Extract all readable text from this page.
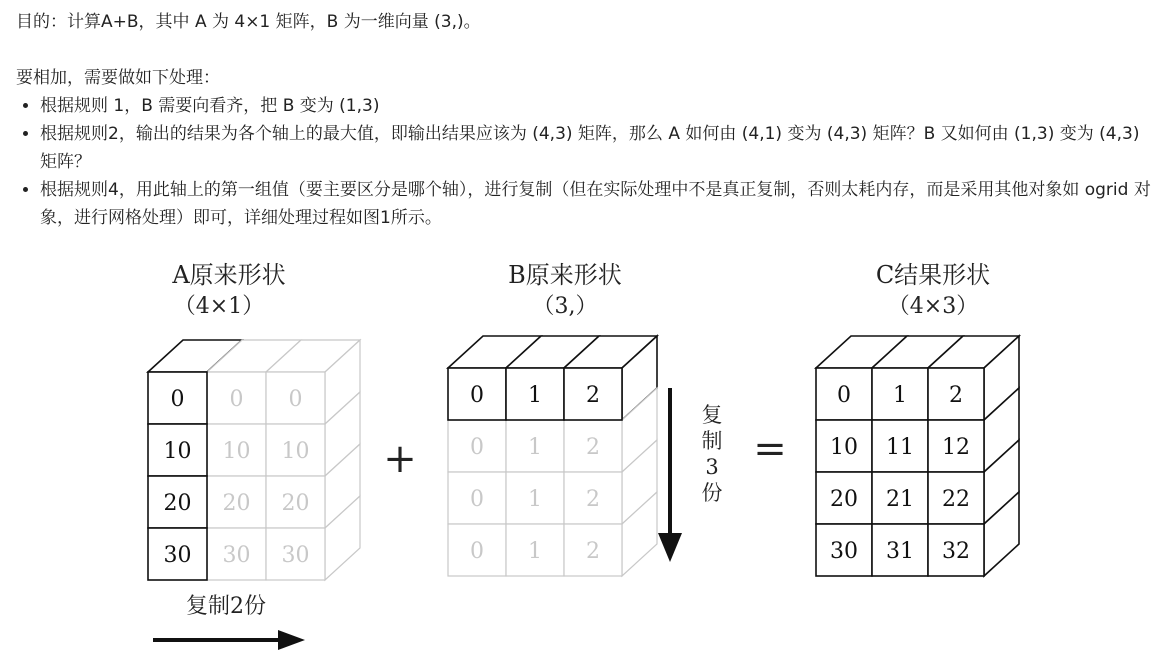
目的：计算A+B，其中 A 为 4×1 矩阵，B 为一维向量 (3,)。

要相加，需要做如下处理：

• 根据规则 1，B 需要向看齐，把 B 变为 (1,3)
• 根据规则2，输出的结果为各个轴上的最大值，即输出结果应该为 (4,3) 矩阵，那么 A 如何由 (4,1) 变为 (4,3) 矩阵？B 又如何由 (1,3) 变为 (4,3) 矩阵？
• 根据规则4，用此轴上的第一组值（要主要区分是哪个轴），进行复制（但在实际处理中不是真正复制，否则太耗内存，而是采用其他对象如 ogrid 对象，进行网格处理）即可，详细处理过程如图1所示。
A原来形状
（4×1）
B原来形状
（3,）
C结果形状
（4×3）
+	=
复制2份
复
制
3
份
0 0
10 10
20 20
30 30
0
10
20
30
0 1 2
0 1 2
0 1 2
0 1 2	0 1 2
10 11 12
20 21 22
30 31 32
